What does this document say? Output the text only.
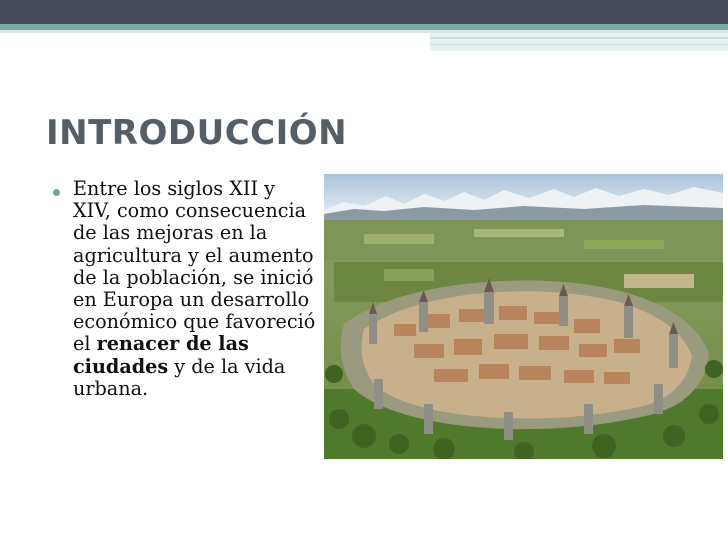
INTRODUCCIÓN
Entre los siglos XII y XIV, como consecuencia de las mejoras en la agricultura y el aumento de la población, se inició en Europa un desarrollo económico que favoreció el renacer de las ciudades y de la vida urbana.
